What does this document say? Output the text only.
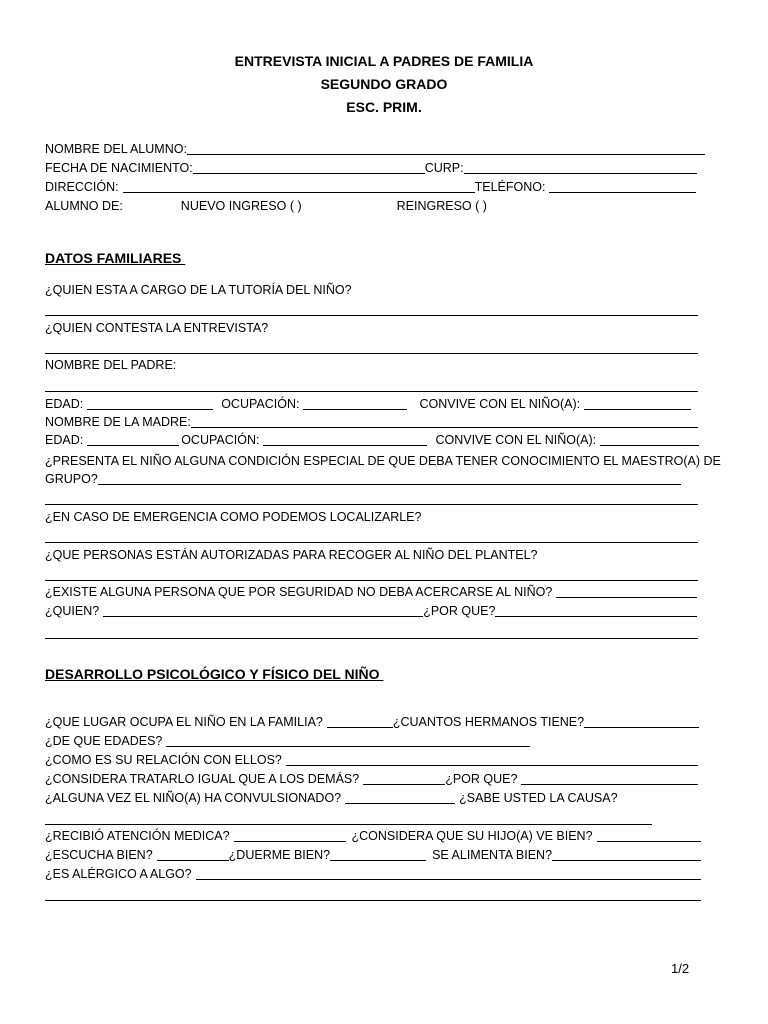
ENTREVISTA INICIAL A PADRES DE FAMILIA
SEGUNDO GRADO
ESC. PRIM.
NOMBRE DEL ALUMNO:
FECHA DE NACIMIENTO:	CURP:
DIRECCIÓN:	TELÉFONO:
ALUMNO DE:	NUEVO INGRESO ( )	REINGRESO ( )
DATOS FAMILIARES
¿QUIEN ESTA A CARGO DE LA TUTORÍA DEL NIÑO?
¿QUIEN CONTESTA LA ENTREVISTA?
NOMBRE DEL PADRE:
EDAD:	OCUPACIÓN:	CONVIVE CON EL NIÑO(A):
NOMBRE DE LA MADRE:
EDAD:	OCUPACIÓN:	CONVIVE CON EL NIÑO(A):
¿PRESENTA EL NIÑO ALGUNA CONDICIÓN ESPECIAL DE QUE DEBA TENER CONOCIMIENTO EL MAESTRO(A) DE
GRUPO?
¿EN CASO DE EMERGENCIA COMO PODEMOS LOCALIZARLE?
¿QUE PERSONAS ESTÁN AUTORIZADAS PARA RECOGER AL NIÑO DEL PLANTEL?
¿EXISTE ALGUNA PERSONA QUE POR SEGURIDAD NO DEBA ACERCARSE AL NIÑO?
¿QUIEN?	¿POR QUE?
DESARROLLO PSICOLÓGICO Y FÍSICO DEL NIÑO
¿QUE LUGAR OCUPA EL NIÑO EN LA FAMILIA?	¿CUANTOS HERMANOS TIENE?
¿DE QUE EDADES?
¿COMO ES SU RELACIÓN CON ELLOS?
¿CONSIDERA TRATARLO IGUAL QUE A LOS DEMÁS?	¿POR QUE?
¿ALGUNA VEZ EL NIÑO(A) HA CONVULSIONADO?	¿SABE USTED LA CAUSA?
¿RECIBIÓ ATENCIÓN MEDICA?	¿CONSIDERA QUE SU HIJO(A) VE BIEN?
¿ESCUCHA BIEN?	¿DUERME BIEN?	SE ALIMENTA BIEN?
¿ES ALÉRGICO A ALGO?
1/2
